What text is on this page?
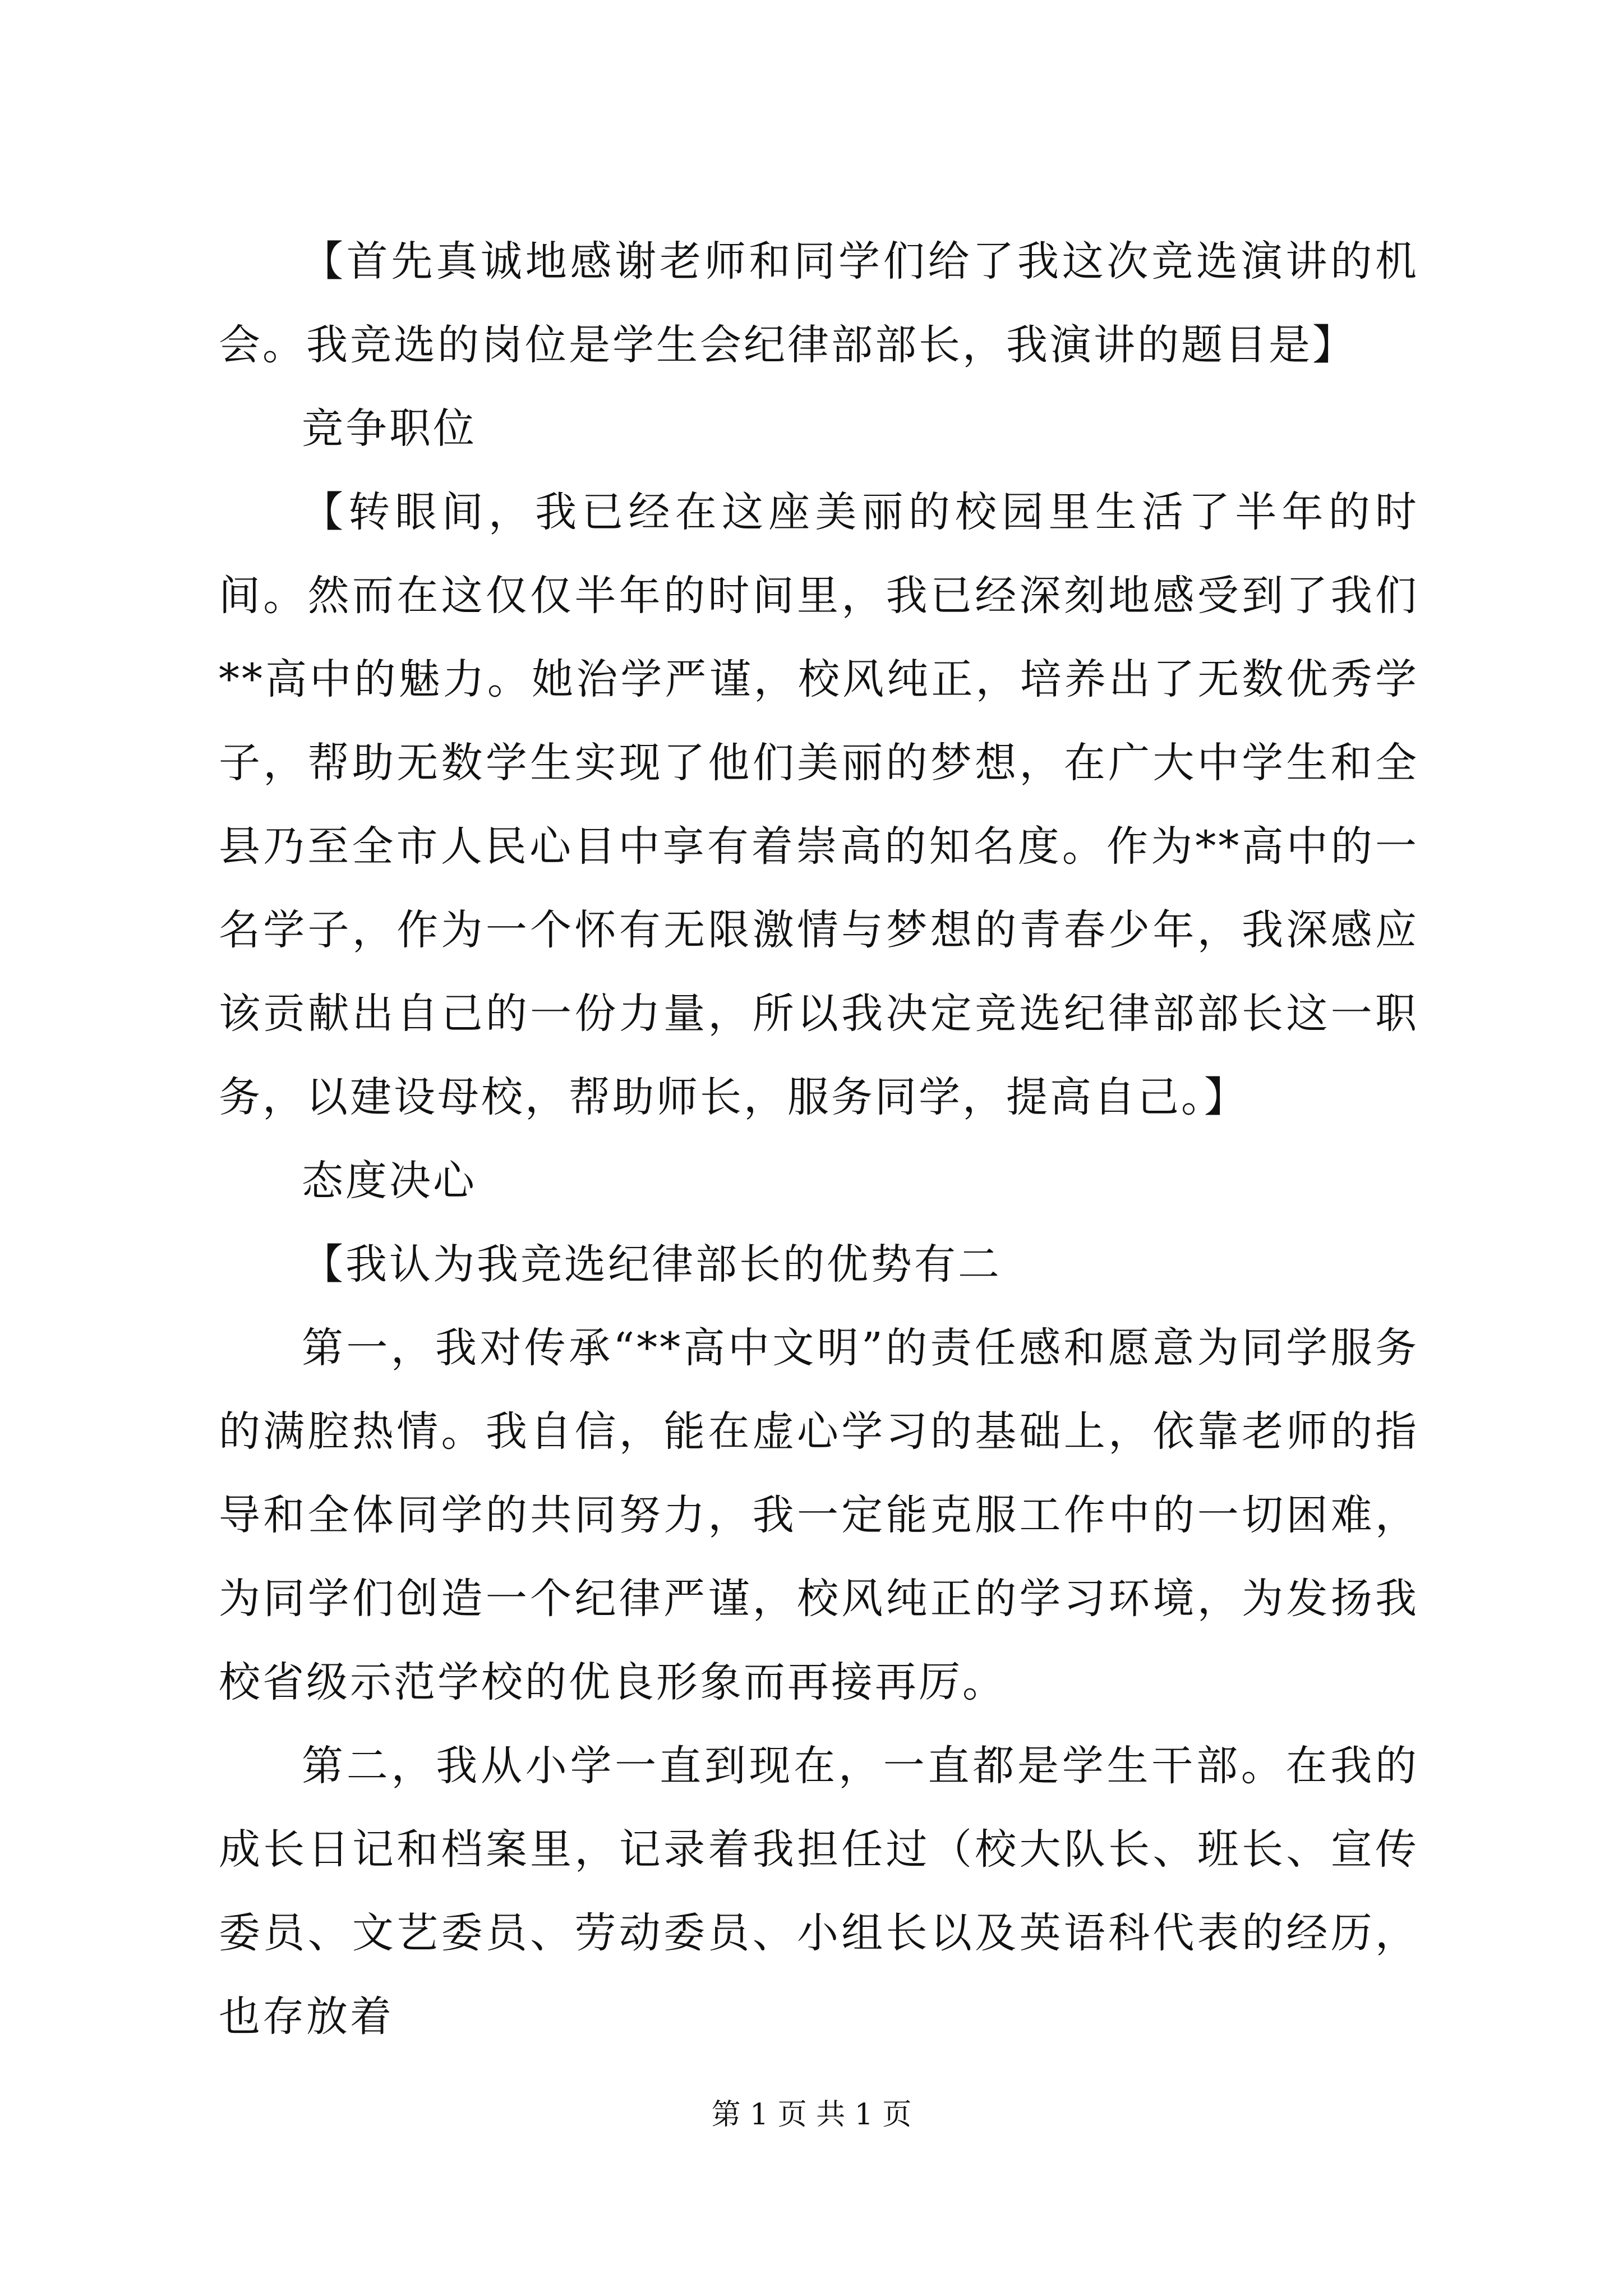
【首先真诚地感谢老师和同学们给了我这次竞选演讲的机会。我竞选的岗位是学生会纪律部部长，我演讲的题目是】

竞争职位

【转眼间，我已经在这座美丽的校园里生活了半年的时间。然而在这仅仅半年的时间里，我已经深刻地感受到了我们**高中的魅力。她治学严谨，校风纯正，培养出了无数优秀学子，帮助无数学生实现了他们美丽的梦想，在广大中学生和全县乃至全市人民心目中享有着崇高的知名度。作为**高中的一名学子，作为一个怀有无限激情与梦想的青春少年，我深感应该贡献出自己的一份力量，所以我决定竞选纪律部部长这一职务，以建设母校，帮助师长，服务同学，提高自己。】

态度决心

【我认为我竞选纪律部长的优势有二

第一，我对传承“**高中文明”的责任感和愿意为同学服务的满腔热情。我自信，能在虚心学习的基础上，依靠老师的指导和全体同学的共同努力，我一定能克服工作中的一切困难，为同学们创造一个纪律严谨，校风纯正的学习环境，为发扬我校省级示范学校的优良形象而再接再厉。

第二，我从小学一直到现在，一直都是学生干部。在我的成长日记和档案里，记录着我担任过（校大队长、班长、宣传委员、文艺委员、劳动委员、小组长以及英语科代表的经历，也存放着

第 1 页 共 1 页
